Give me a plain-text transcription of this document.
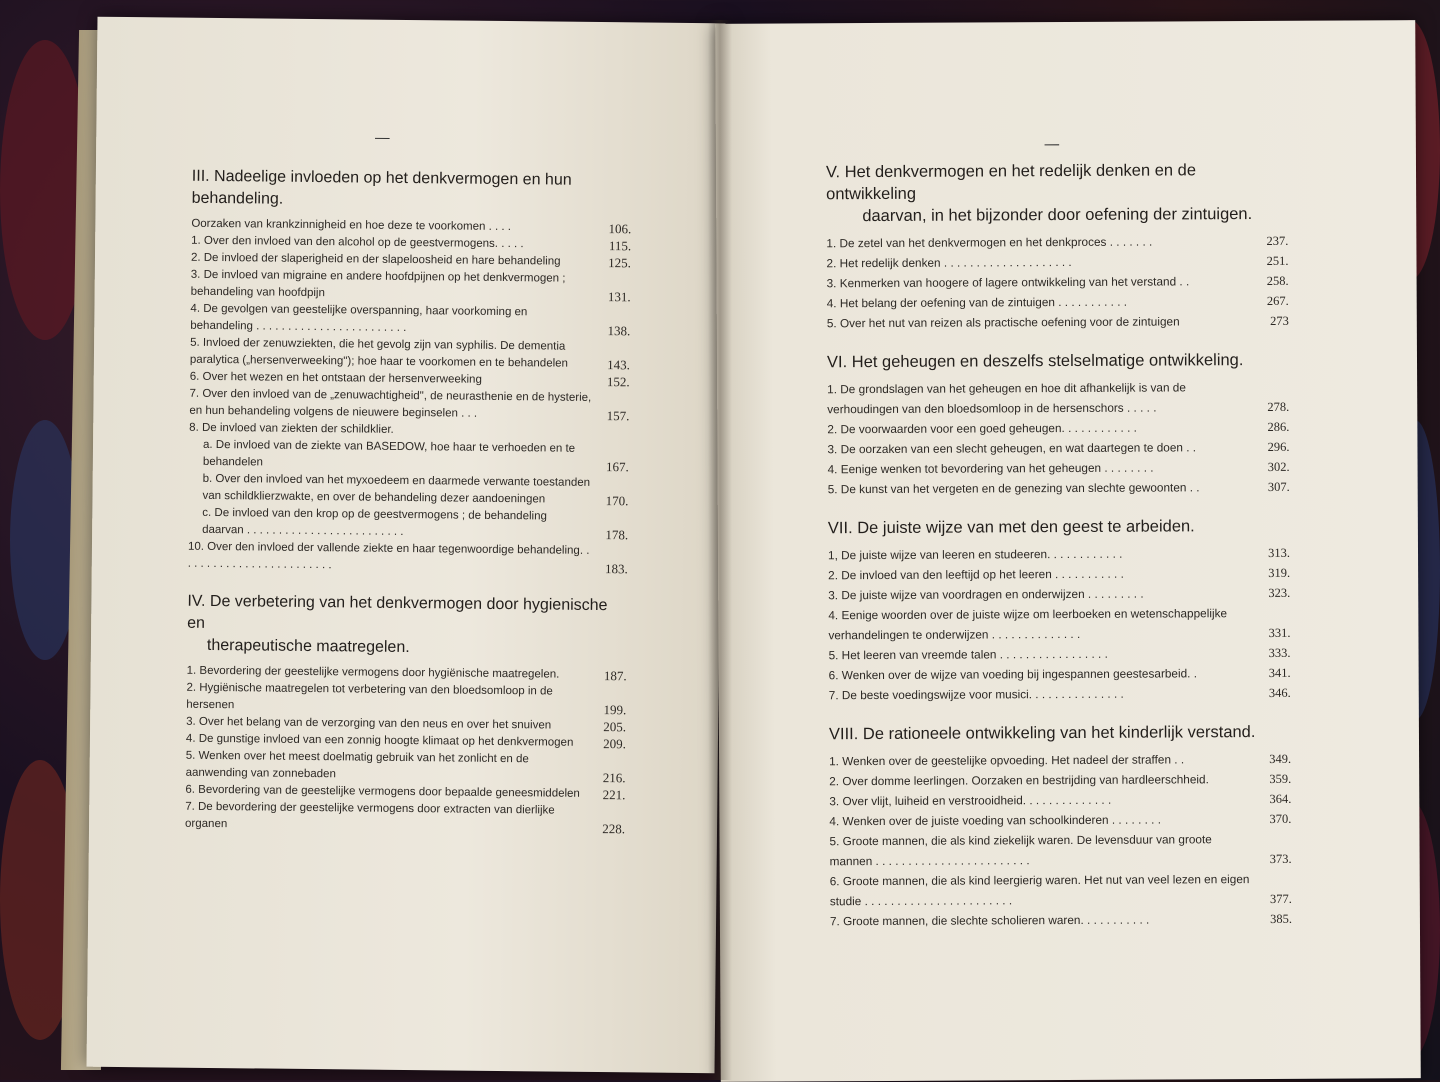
—
III. Nadeelige invloeden op het denkvermogen en hun behandeling.
Oorzaken van krankzinnigheid en hoe deze te voorkomen . . . .	106.
1. Over den invloed van den alcohol op de geestvermogens. . . . .	115.
2. De invloed der slaperigheid en der slapeloosheid en hare behandeling	125.
3. De invloed van migraine en andere hoofdpijnen op het denkvermogen ; behandeling van hoofdpijn	131.
4. De gevolgen van geestelijke overspanning, haar voorkoming en behandeling . . . . . . . . . . . . . . . . . . . . . . . .	138.
5. Invloed der zenuwziekten, die het gevolg zijn van syphilis. De dementia paralytica („hersenverweeking"); hoe haar te voorkomen en te behandelen	143.
6. Over het wezen en het ontstaan der hersenverweeking	152.
7. Over den invloed van de „zenuwachtigheid", de neurasthenie en de hysterie, en hun behandeling volgens de nieuwere beginselen . . .	157.
8. De invloed van ziekten der schildklier.
a. De invloed van de ziekte van BASEDOW, hoe haar te verhoeden en te behandelen	167.
b. Over den invloed van het myxoedeem en daarmede verwante toestanden van schildklierzwakte, en over de behandeling dezer aandoeningen	170.
c. De invloed van den krop op de geestvermogens ; de behandeling daarvan . . . . . . . . . . . . . . . . . . . . . . . . .	178.
10. Over den invloed der vallende ziekte en haar tegenwoordige behandeling. . . . . . . . . . . . . . . . . . . . . . . . .	183.
IV. De verbetering van het denkvermogen door hygienische en
therapeutische maatregelen.
1. Bevordering der geestelijke vermogens door hygiënische maatregelen.	187.
2. Hygiënische maatregelen tot verbetering van den bloedsomloop in de hersenen	199.
3. Over het belang van de verzorging van den neus en over het snuiven	205.
4. De gunstige invloed van een zonnig hoogte klimaat op het denkvermogen	209.
5. Wenken over het meest doelmatig gebruik van het zonlicht en de aanwending van zonnebaden	216.
6. Bevordering van de geestelijke vermogens door bepaalde geneesmiddelen	221.
7. De bevordering der geestelijke vermogens door extracten van dierlijke organen	228.
—
V. Het denkvermogen en het redelijk denken en de ontwikkeling
daarvan, in het bijzonder door oefening der zintuigen.
1. De zetel van het denkvermogen en het denkproces . . . . . . .	237.
2. Het redelijk denken . . . . . . . . . . . . . . . . . . . .	251.
3. Kenmerken van hoogere of lagere ontwikkeling van het verstand . .	258.
4. Het belang der oefening van de zintuigen . . . . . . . . . . .	267.
5. Over het nut van reizen als practische oefening voor de zintuigen	273
VI. Het geheugen en deszelfs stelselmatige ontwikkeling.
1. De grondslagen van het geheugen en hoe dit afhankelijk is van de verhoudingen van den bloedsomloop in de hersenschors . . . . .	278.
2. De voorwaarden voor een goed geheugen. . . . . . . . . . . .	286.
3. De oorzaken van een slecht geheugen, en wat daartegen te doen . .	296.
4. Eenige wenken tot bevordering van het geheugen . . . . . . . .	302.
5. De kunst van het vergeten en de genezing van slechte gewoonten . .	307.
VII. De juiste wijze van met den geest te arbeiden.
1, De juiste wijze van leeren en studeeren. . . . . . . . . . . .	313.
2. De invloed van den leeftijd op het leeren . . . . . . . . . . .	319.
3. De juiste wijze van voordragen en onderwijzen . . . . . . . . .	323.
4. Eenige woorden over de juiste wijze om leerboeken en wetenschappelijke verhandelingen te onderwijzen . . . . . . . . . . . . . .	331.
5. Het leeren van vreemde talen . . . . . . . . . . . . . . . . .	333.
6. Wenken over de wijze van voeding bij ingespannen geestesarbeid. .	341.
7. De beste voedingswijze voor musici. . . . . . . . . . . . . . .	346.
VIII. De rationeele ontwikkeling van het kinderlijk verstand.
1. Wenken over de geestelijke opvoeding. Het nadeel der straffen . .	349.
2. Over domme leerlingen. Oorzaken en bestrijding van hardleerschheid.	359.
3. Over vlijt, luiheid en verstrooidheid. . . . . . . . . . . . . .	364.
4. Wenken over de juiste voeding van schoolkinderen . . . . . . . .	370.
5. Groote mannen, die als kind ziekelijk waren. De levensduur van groote mannen . . . . . . . . . . . . . . . . . . . . . . . .	373.
6. Groote mannen, die als kind leergierig waren. Het nut van veel lezen en eigen studie . . . . . . . . . . . . . . . . . . . . . . .	377.
7. Groote mannen, die slechte scholieren waren. . . . . . . . . . .	385.
